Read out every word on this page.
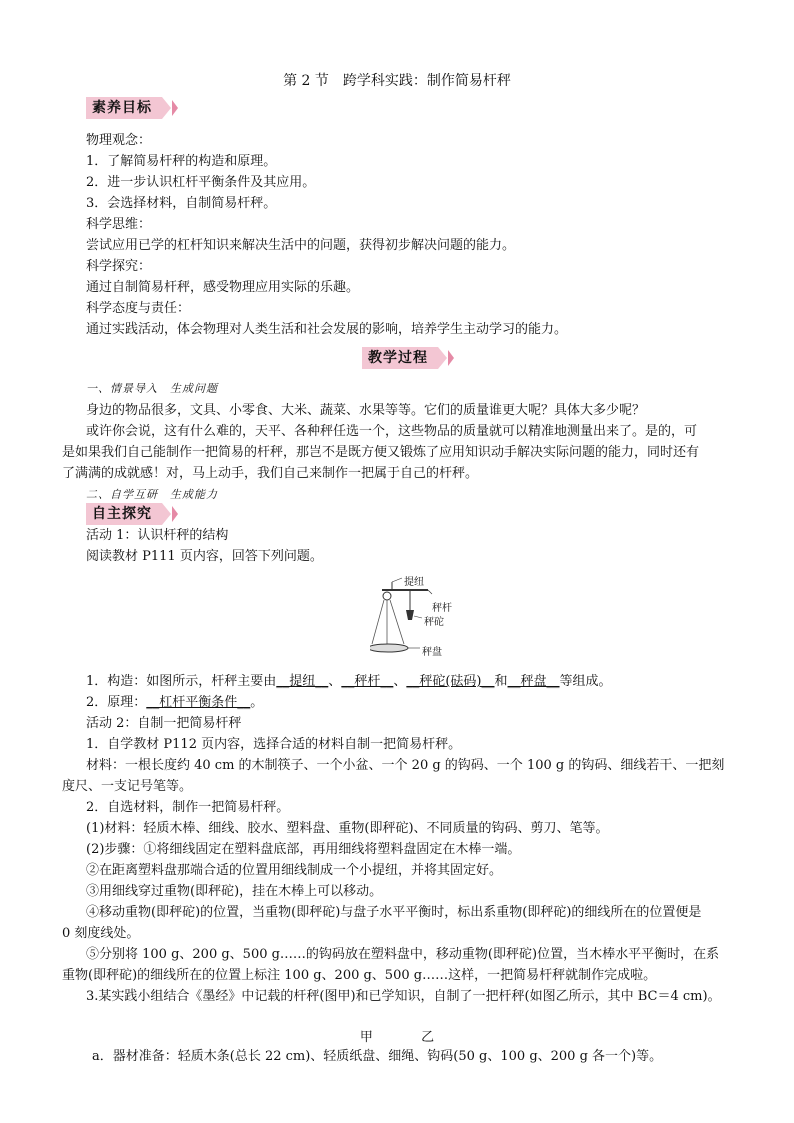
第 2 节　跨学科实践：制作简易杆秤
素养目标
物理观念：
1．了解简易杆秤的构造和原理。
2．进一步认识杠杆平衡条件及其应用。
3．会选择材料，自制简易杆秤。
科学思维：
尝试应用已学的杠杆知识来解决生活中的问题，获得初步解决问题的能力。
科学探究：
通过自制简易杆秤，感受物理应用实际的乐趣。
科学态度与责任：
通过实践活动，体会物理对人类生活和社会发展的影响，培养学生主动学习的能力。
教学过程
一、情景导入　生成问题
身边的物品很多，文具、小零食、大米、蔬菜、水果等等。它们的质量谁更大呢？具体大多少呢？
或许你会说，这有什么难的，天平、各种秤任选一个，这些物品的质量就可以精准地测量出来了。是的，可
是如果我们自己能制作一把简易的杆秤，那岂不是既方便又锻炼了应用知识动手解决实际问题的能力，同时还有
了满满的成就感！对，马上动手，我们自己来制作一把属于自己的杆秤。
二、自学互研　生成能力
自主探究
活动 1：认识杆秤的结构
阅读教材 P111 页内容，回答下列问题。
提纽
秤杆
秤砣
秤盘
1．构造：如图所示，杆秤主要由__提纽__、__秤杆__、__秤砣(砝码)__和__秤盘__等组成。
2．原理：__杠杆平衡条件__。
活动 2：自制一把简易杆秤
1．自学教材 P112 页内容，选择合适的材料自制一把简易杆秤。
材料：一根长度约 40 cm 的木制筷子、一个小盆、一个 20 g 的钩码、一个 100 g 的钩码、细线若干、一把刻
度尺、一支记号笔等。
2．自选材料，制作一把简易杆秤。
(1)材料：轻质木棒、细线、胶水、塑料盘、重物(即秤砣)、不同质量的钩码、剪刀、笔等。
(2)步骤：①将细线固定在塑料盘底部，再用细线将塑料盘固定在木棒一端。
②在距离塑料盘那端合适的位置用细线制成一个小提纽，并将其固定好。
③用细线穿过重物(即秤砣)，挂在木棒上可以移动。
④移动重物(即秤砣)的位置，当重物(即秤砣)与盘子水平平衡时，标出系重物(即秤砣)的细线所在的位置便是
0 刻度线处。
⑤分别将 100 g、200 g、500 g……的钩码放在塑料盘中，移动重物(即秤砣)位置，当木棒水平平衡时，在系
重物(即秤砣)的细线所在的位置上标注 100 g、200 g、500 g……这样，一把简易杆秤就制作完成啦。
3.某实践小组结合《墨经》中记载的杆秤(图甲)和已学知识，自制了一把杆秤(如图乙所示，其中 BC＝4 cm)。
甲	乙
a．器材准备：轻质木条(总长 22 cm)、轻质纸盘、细绳、钩码(50 g、100 g、200 g 各一个)等。
